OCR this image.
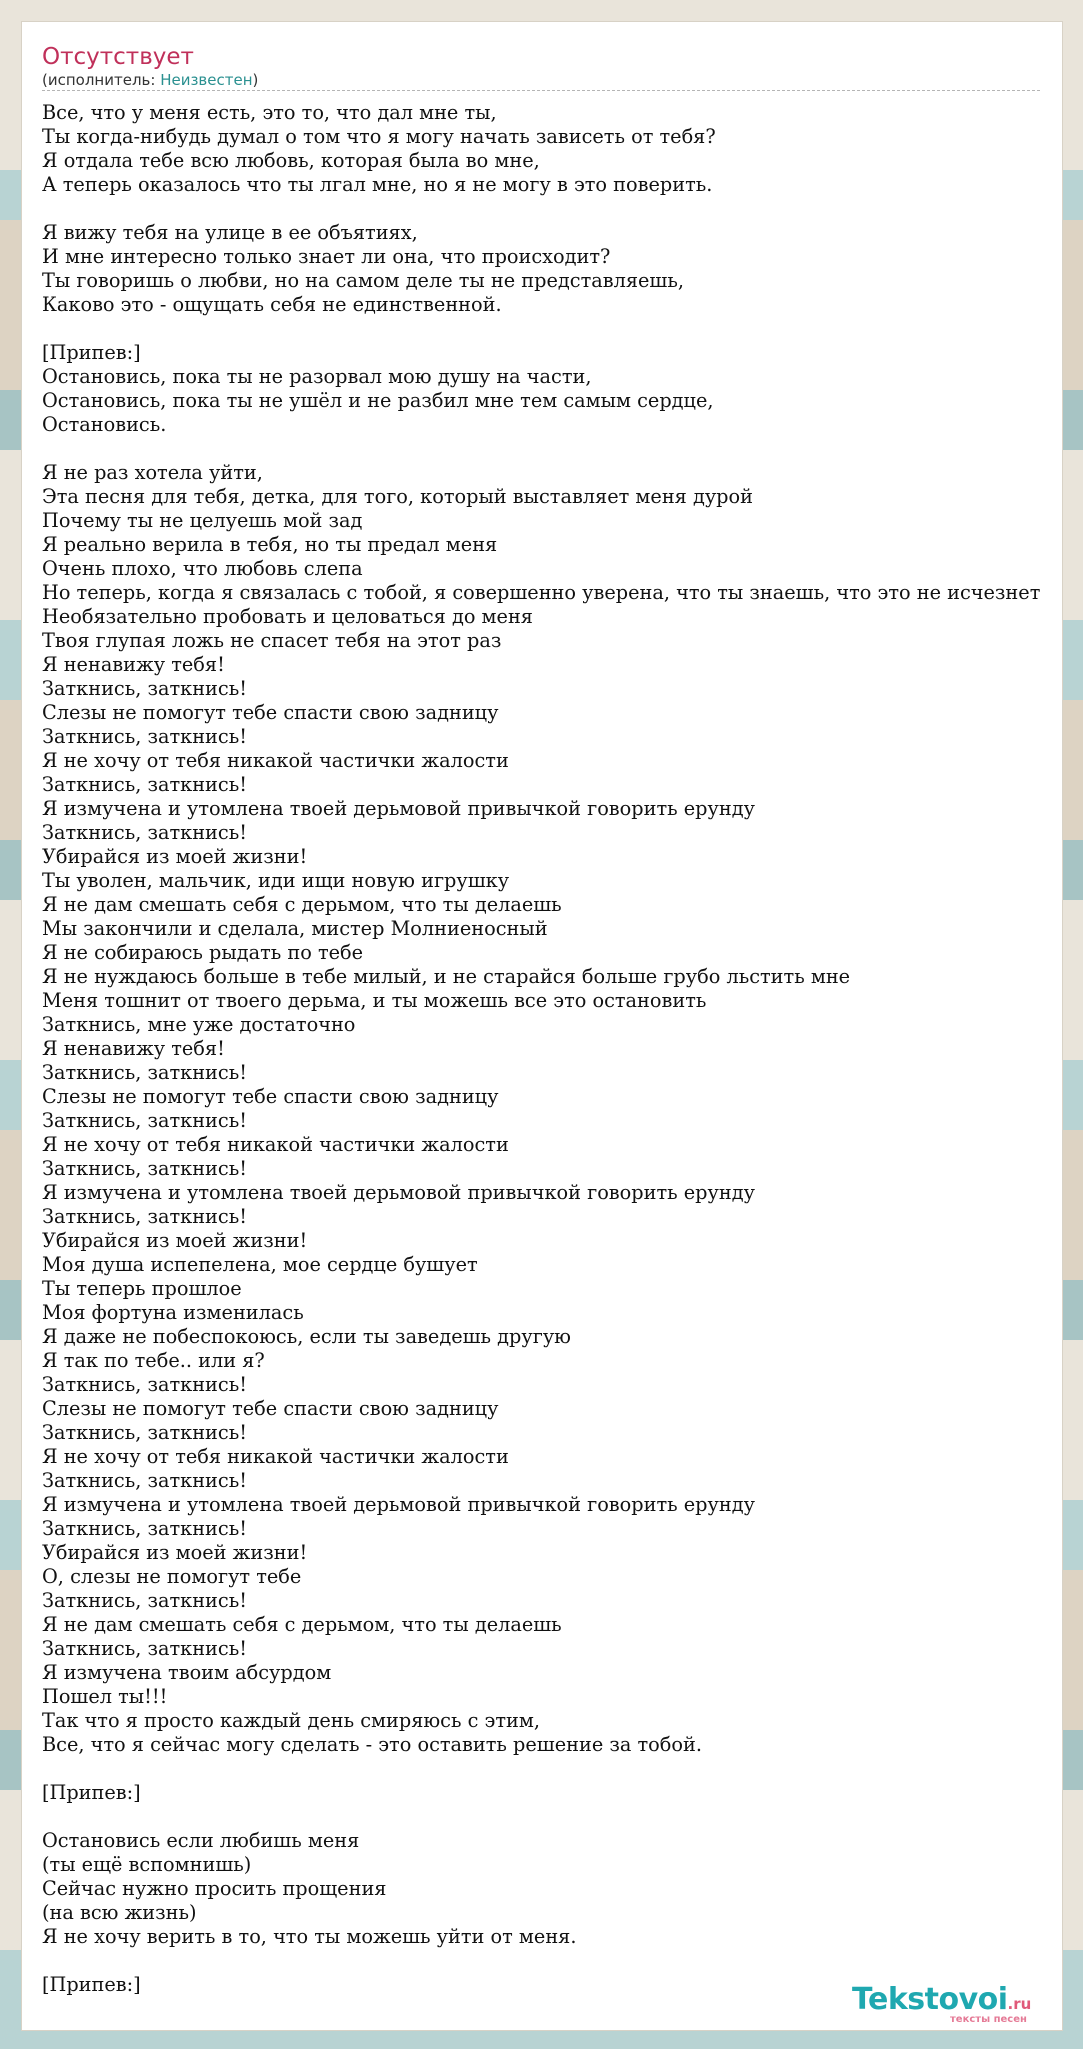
Отсутствует
(исполнитель: Неизвестен)
Все, что у меня есть, это то, что дал мне ты,
Ты когда-нибудь думал о том что я могу начать зависеть от тебя?
Я отдала тебе всю любовь, которая была во мне,
А теперь оказалось что ты лгал мне, но я не могу в это поверить.
Я вижу тебя на улице в ее объятиях,
И мне интересно только знает ли она, что происходит?
Ты говоришь о любви, но на самом деле ты не представляешь,
Каково это - ощущать себя не единственной.
[Припев:]
Остановись, пока ты не разорвал мою душу на части,
Остановись, пока ты не ушёл и не разбил мне тем самым сердце,
Остановись.
Я не раз хотела уйти,
Эта песня для тебя, детка, для того, который выставляет меня дурой
Почему ты не целуешь мой зад
Я реально верила в тебя, но ты предал меня
Очень плохо, что любовь слепа
Но теперь, когда я связалась с тобой, я совершенно уверена, что ты знаешь, что это не исчезнет
Необязательно пробовать и целоваться до меня
Твоя глупая ложь не спасет тебя на этот раз
Я ненавижу тебя!
Заткнись, заткнись!
Слезы не помогут тебе спасти свою задницу
Заткнись, заткнись!
Я не хочу от тебя никакой частички жалости
Заткнись, заткнись!
Я измучена и утомлена твоей дерьмовой привычкой говорить ерунду
Заткнись, заткнись!
Убирайся из моей жизни!
Ты уволен, мальчик, иди ищи новую игрушку
Я не дам смешать себя с дерьмом, что ты делаешь
Мы закончили и сделала, мистер Молниеносный
Я не собираюсь рыдать по тебе
Я не нуждаюсь больше в тебе милый, и не старайся больше грубо льстить мне
Меня тошнит от твоего дерьма, и ты можешь все это остановить
Заткнись, мне уже достаточно
Я ненавижу тебя!
Заткнись, заткнись!
Слезы не помогут тебе спасти свою задницу
Заткнись, заткнись!
Я не хочу от тебя никакой частички жалости
Заткнись, заткнись!
Я измучена и утомлена твоей дерьмовой привычкой говорить ерунду
Заткнись, заткнись!
Убирайся из моей жизни!
Моя душа испепелена, мое сердце бушует
Ты теперь прошлое
Моя фортуна изменилась
Я даже не побеспокоюсь, если ты заведешь другую
Я так по тебе.. или я?
Заткнись, заткнись!
Слезы не помогут тебе спасти свою задницу
Заткнись, заткнись!
Я не хочу от тебя никакой частички жалости
Заткнись, заткнись!
Я измучена и утомлена твоей дерьмовой привычкой говорить ерунду
Заткнись, заткнись!
Убирайся из моей жизни!
О, слезы не помогут тебе
Заткнись, заткнись!
Я не дам смешать себя с дерьмом, что ты делаешь
Заткнись, заткнись!
Я измучена твоим абсурдом
Пошел ты!!!
Так что я просто каждый день смиряюсь с этим,
Все, что я сейчас могу сделать - это оставить решение за тобой.
[Припев:]
Остановись если любишь меня
(ты ещё вспомнишь)
Сейчас нужно просить прощения
(на всю жизнь)
Я не хочу верить в то, что ты можешь уйти от меня.
[Припев:]	Tekstovoi.ru
тексты песен
